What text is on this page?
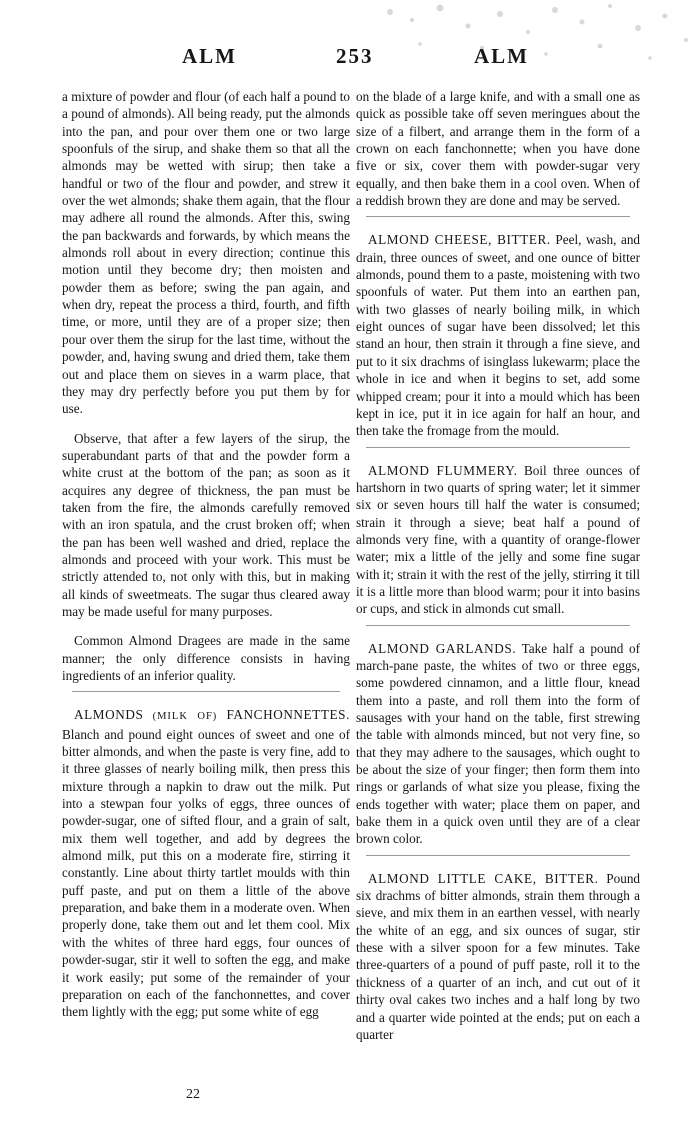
ALM	253	ALM

a mixture of powder and flour (of each half a pound to a pound of almonds). All being ready, put the almonds into the pan, and pour over them one or two large spoonfuls of the sirup, and shake them so that all the almonds may be wetted with sirup; then take a handful or two of the flour and powder, and strew it over the wet almonds; shake them again, that the flour may adhere all round the almonds. After this, swing the pan backwards and forwards, by which means the almonds roll about in every direction; continue this motion until they become dry; then moisten and powder them as before; swing the pan again, and when dry, repeat the process a third, fourth, and fifth time, or more, until they are of a proper size; then pour over them the sirup for the last time, without the powder, and, having swung and dried them, take them out and place them on sieves in a warm place, that they may dry perfectly before you put them by for use.

Observe, that after a few layers of the sirup, the superabundant parts of that and the powder form a white crust at the bottom of the pan; as soon as it acquires any degree of thickness, the pan must be taken from the fire, the almonds carefully removed with an iron spatula, and the crust broken off; when the pan has been well washed and dried, replace the almonds and proceed with your work. This must be strictly attended to, not only with this, but in making all kinds of sweetmeats. The sugar thus cleared away may be made useful for many purposes.

Common Almond Dragees are made in the same manner; the only difference consists in having ingredients of an inferior quality.

ALMONDS (MILK OF) FANCHONNETTES. Blanch and pound eight ounces of sweet and one of bitter almonds, and when the paste is very fine, add to it three glasses of nearly boiling milk, then press this mixture through a napkin to draw out the milk. Put into a stewpan four yolks of eggs, three ounces of powder-sugar, one of sifted flour, and a grain of salt, mix them well together, and add by degrees the almond milk, put this on a moderate fire, stirring it constantly. Line about thirty tartlet moulds with thin puff paste, and put on them a little of the above preparation, and bake them in a moderate oven. When properly done, take them out and let them cool. Mix with the whites of three hard eggs, four ounces of powder-sugar, stir it well to soften the egg, and make it work easily; put some of the remainder of your preparation on each of the fanchonnettes, and cover them lightly with the egg; put some white of egg

on the blade of a large knife, and with a small one as quick as possible take off seven meringues about the size of a filbert, and arrange them in the form of a crown on each fanchonnette; when you have done five or six, cover them with powder-sugar very equally, and then bake them in a cool oven. When of a reddish brown they are done and may be served.

ALMOND CHEESE, BITTER. Peel, wash, and drain, three ounces of sweet, and one ounce of bitter almonds, pound them to a paste, moistening with two spoonfuls of water. Put them into an earthen pan, with two glasses of nearly boiling milk, in which eight ounces of sugar have been dissolved; let this stand an hour, then strain it through a fine sieve, and put to it six drachms of isinglass lukewarm; place the whole in ice and when it begins to set, add some whipped cream; pour it into a mould which has been kept in ice, put it in ice again for half an hour, and then take the fromage from the mould.

ALMOND FLUMMERY. Boil three ounces of hartshorn in two quarts of spring water; let it simmer six or seven hours till half the water is consumed; strain it through a sieve; beat half a pound of almonds very fine, with a quantity of orange-flower water; mix a little of the jelly and some fine sugar with it; strain it with the rest of the jelly, stirring it till it is a little more than blood warm; pour it into basins or cups, and stick in almonds cut small.

ALMOND GARLANDS. Take half a pound of march-pane paste, the whites of two or three eggs, some powdered cinnamon, and a little flour, knead them into a paste, and roll them into the form of sausages with your hand on the table, first strewing the table with almonds minced, but not very fine, so that they may adhere to the sausages, which ought to be about the size of your finger; then form them into rings or garlands of what size you please, fixing the ends together with water; place them on paper, and bake them in a quick oven until they are of a clear brown color.

ALMOND LITTLE CAKE, BITTER. Pound six drachms of bitter almonds, strain them through a sieve, and mix them in an earthen vessel, with nearly the white of an egg, and six ounces of sugar, stir these with a silver spoon for a few minutes. Take three-quarters of a pound of puff paste, roll it to the thickness of a quarter of an inch, and cut out of it thirty oval cakes two inches and a half long by two and a quarter wide pointed at the ends; put on each a quarter

22
